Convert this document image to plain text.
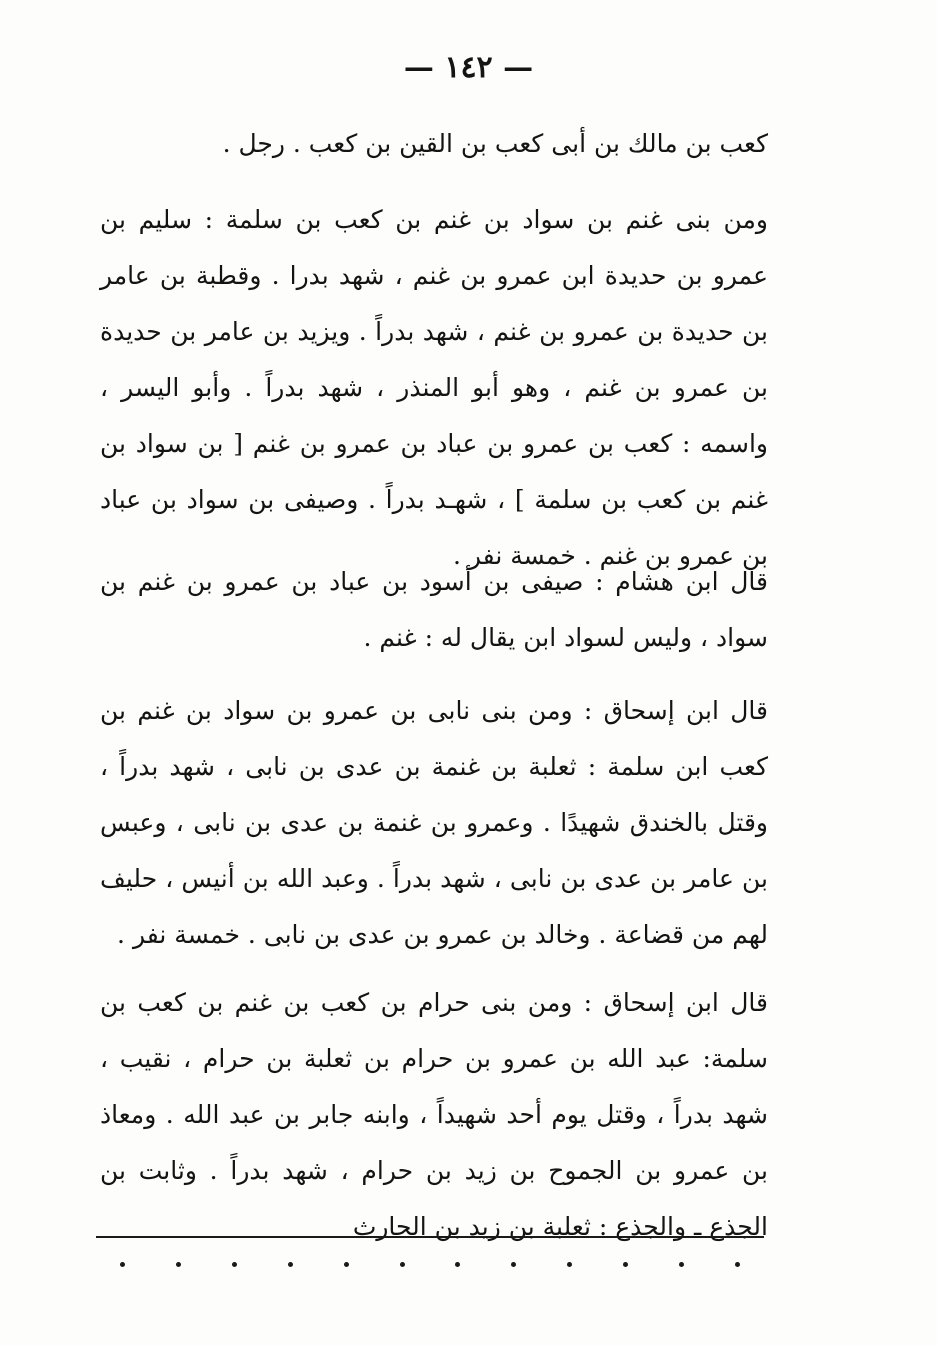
— ١٤٢ —

كعب بن مالك بن أبى كعب بن القين بن كعب . رجل .

ومن بنى غنم بن سواد بن غنم بن كعب بن سلمة : سليم بن عمرو بن حديدة ابن عمرو بن غنم ، شهد بدرا . وقطبة بن عامر بن حديدة بن عمرو بن غنم ، شهد بدراً . ويزيد بن عامر بن حديدة بن عمرو بن غنم ، وهو أبو المنذر ، شهد بدراً . وأبو اليسر ، واسمه : كعب بن عمرو بن عباد بن عمرو بن غنم [ بن سواد بن غنم بن كعب بن سلمة ] ، شهـد بدراً . وصيفى بن سواد بن عباد بن عمرو بن غنم . خمسة نفر .

قال ابن هشام : صيفى بن أسود بن عباد بن عمرو بن غنم بن سواد ، وليس لسواد ابن يقال له : غنم .

قال ابن إسحاق : ومن بنى نابى بن عمرو بن سواد بن غنم بن كعب ابن سلمة : ثعلبة بن غنمة بن عدى بن نابى ، شهد بدراً ، وقتل بالخندق شهيدًا . وعمرو بن غنمة بن عدى بن نابى ، وعبس بن عامر بن عدى بن نابى ، شهد بدراً . وعبد الله بن أنيس ، حليف لهم من قضاعة . وخالد بن عمرو بن عدى بن نابى . خمسة نفر .

قال ابن إسحاق : ومن بنى حرام بن كعب بن غنم بن كعب بن سلمة: عبد الله بن عمرو بن حرام بن ثعلبة بن حرام ، نقيب ، شهد بدراً ، وقتل يوم أحد شهيداً ، وابنه جابر بن عبد الله . ومعاذ بن عمرو بن الجموح بن زيد بن حرام ، شهد بدراً . وثابت بن الجذع ـ والجذع : ثعلبة بن زيد بن الحارث
